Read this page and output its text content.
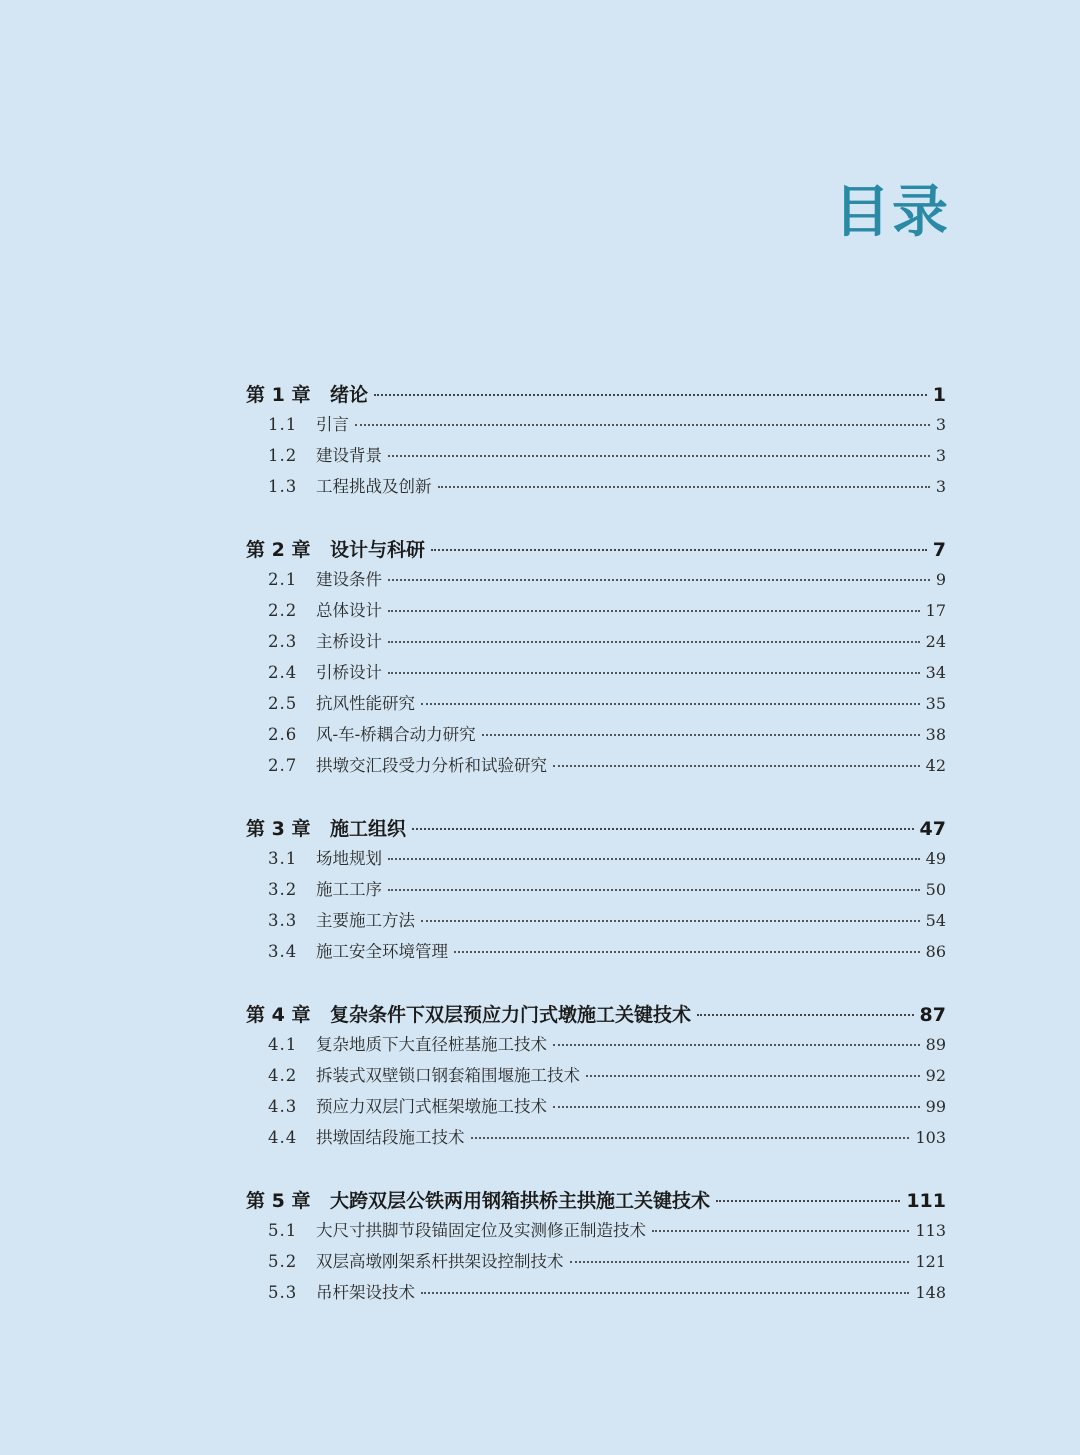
目录
第 1 章	绪论	1
1.1	引言	3
1.2	建设背景	3
1.3	工程挑战及创新	3
第 2 章	设计与科研	7
2.1	建设条件	9
2.2	总体设计	17
2.3	主桥设计	24
2.4	引桥设计	34
2.5	抗风性能研究	35
2.6	风-车-桥耦合动力研究	38
2.7	拱墩交汇段受力分析和试验研究	42
第 3 章	施工组织	47
3.1	场地规划	49
3.2	施工工序	50
3.3	主要施工方法	54
3.4	施工安全环境管理	86
第 4 章	复杂条件下双层预应力门式墩施工关键技术	87
4.1	复杂地质下大直径桩基施工技术	89
4.2	拆装式双壁锁口钢套箱围堰施工技术	92
4.3	预应力双层门式框架墩施工技术	99
4.4	拱墩固结段施工技术	103
第 5 章	大跨双层公铁两用钢箱拱桥主拱施工关键技术	111
5.1	大尺寸拱脚节段锚固定位及实测修正制造技术	113
5.2	双层高墩刚架系杆拱架设控制技术	121
5.3	吊杆架设技术	148
